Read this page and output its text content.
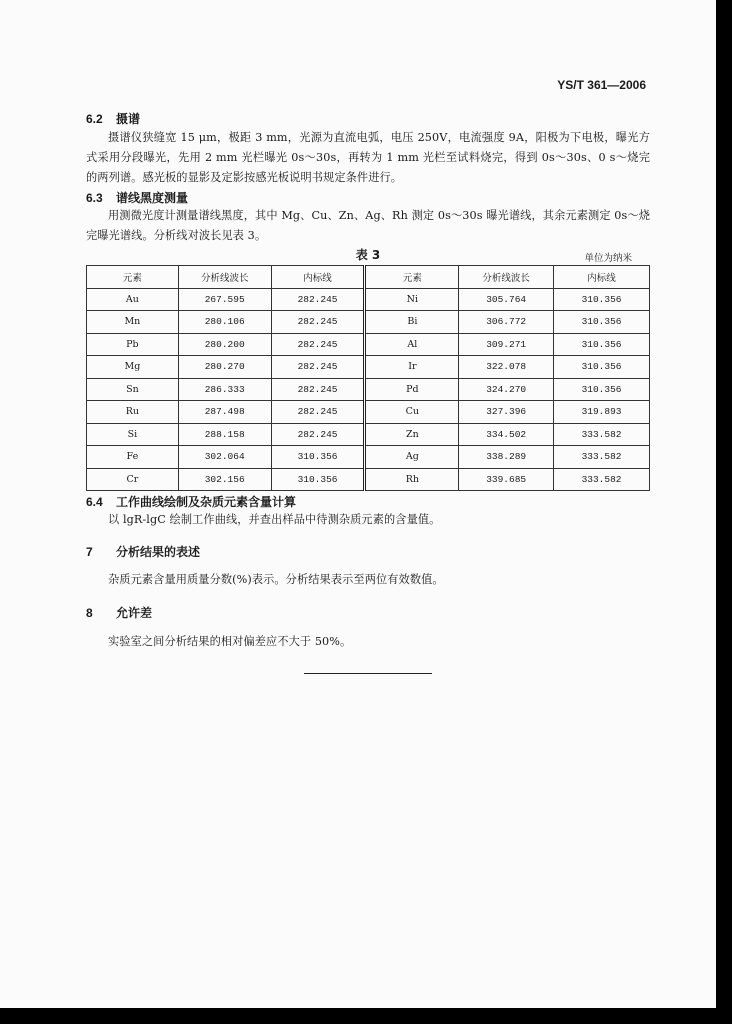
YS/T 361—2006
6.2 摄谱
摄谱仪狭缝宽 15 μm，极距 3 mm，光源为直流电弧，电压 250V，电流强度 9A，阳极为下电极，曝光方式采用分段曝光，先用 2 mm 光栏曝光 0s～30s，再转为 1 mm 光栏至试料烧完，得到 0s～30s、0 s～烧完的两列谱。感光板的显影及定影按感光板说明书规定条件进行。
6.3 谱线黑度测量
用测微光度计测量谱线黑度，其中 Mg、Cu、Zn、Ag、Rh 测定 0s～30s 曝光谱线，其余元素测定 0s～烧完曝光谱线。分析线对波长见表 3。
表 3	单位为纳米
元素	分析线波长	内标线	元素	分析线波长	内标线
Au	267.595	282.245	Ni	305.764	310.356
Mn	280.106	282.245	Bi	306.772	310.356
Pb	280.200	282.245	Al	309.271	310.356
Mg	280.270	282.245	Ir	322.078	310.356
Sn	286.333	282.245	Pd	324.270	310.356
Ru	287.498	282.245	Cu	327.396	319.893
Si	288.158	282.245	Zn	334.502	333.582
Fe	302.064	310.356	Ag	338.289	333.582
Cr	302.156	310.356	Rh	339.685	333.582
6.4 工作曲线绘制及杂质元素含量计算
以 lgR-lgC 绘制工作曲线，并查出样品中待测杂质元素的含量值。
7 分析结果的表述
杂质元素含量用质量分数(%)表示。分析结果表示至两位有效数值。
8 允许差
实验室之间分析结果的相对偏差应不大于 50%。
